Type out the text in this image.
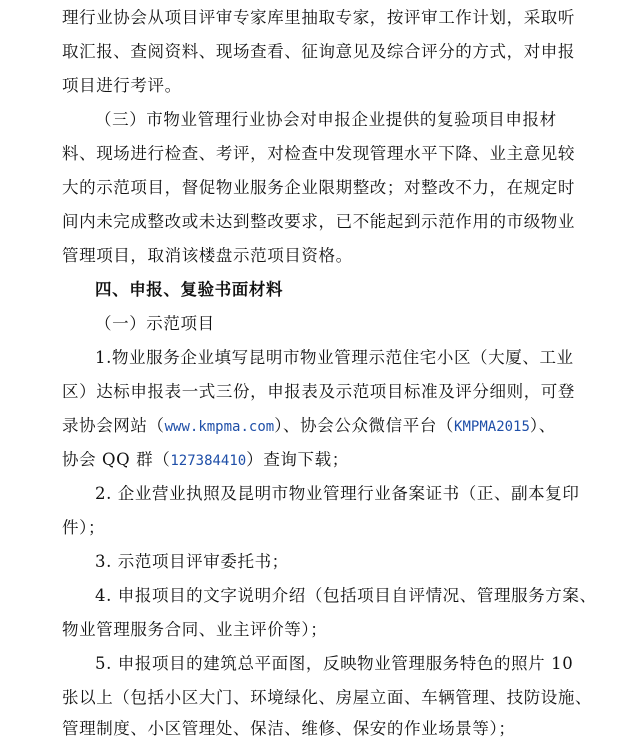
理行业协会从项目评审专家库里抽取专家，按评审工作计划，采取听
取汇报、查阅资料、现场查看、征询意见及综合评分的方式，对申报
项目进行考评。
（三）市物业管理行业协会对申报企业提供的复验项目申报材
料、现场进行检查、考评，对检查中发现管理水平下降、业主意见较
大的示范项目，督促物业服务企业限期整改；对整改不力，在规定时
间内未完成整改或未达到整改要求，已不能起到示范作用的市级物业
管理项目，取消该楼盘示范项目资格。
四、申报、复验书面材料
（一）示范项目
1.物业服务企业填写昆明市物业管理示范住宅小区（大厦、工业
区）达标申报表一式三份，申报表及示范项目标准及评分细则，可登
录协会网站（www.kmpma.com）、协会公众微信平台（KMPMA2015）、
协会 QQ 群（127384410）查询下载；
2. 企业营业执照及昆明市物业管理行业备案证书（正、副本复印
件）；
3. 示范项目评审委托书；
4. 申报项目的文字说明介绍（包括项目自评情况、管理服务方案、
物业管理服务合同、业主评价等）；
5. 申报项目的建筑总平面图，反映物业管理服务特色的照片 10
张以上（包括小区大门、环境绿化、房屋立面、车辆管理、技防设施、
管理制度、小区管理处、保洁、维修、保安的作业场景等）；
